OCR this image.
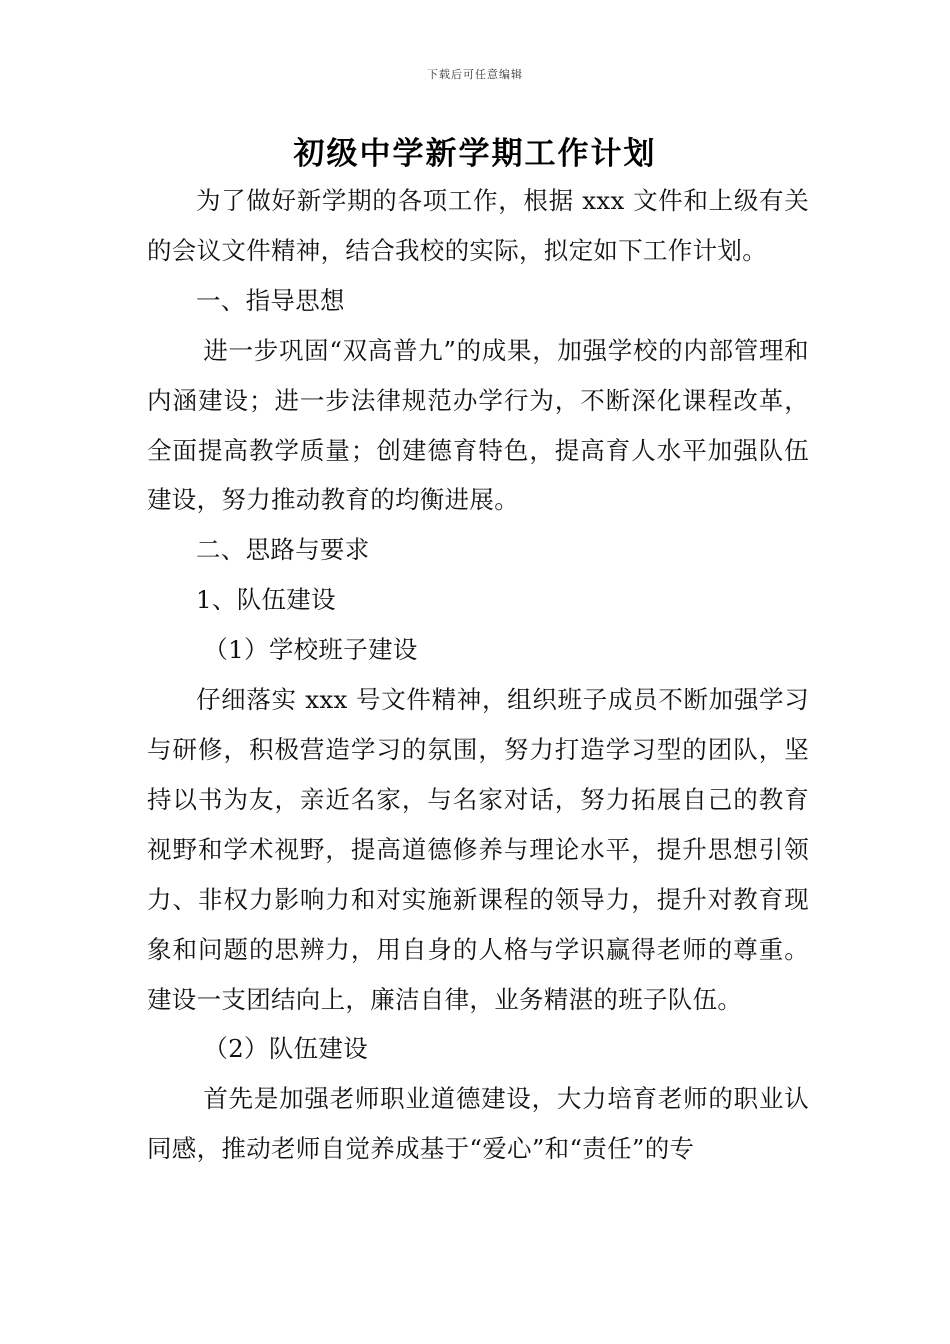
下载后可任意编辑
初级中学新学期工作计划

为了做好新学期的各项工作，根据 xxx 文件和上级有关的会议文件精神，结合我校的实际，拟定如下工作计划。

一、指导思想

进一步巩固“双高普九”的成果，加强学校的内部管理和内涵建设；进一步法律规范办学行为，不断深化课程改革，全面提高教学质量；创建德育特色，提高育人水平加强队伍建设，努力推动教育的均衡进展。

二、思路与要求

1、队伍建设

（1）学校班子建设

仔细落实 xxx 号文件精神，组织班子成员不断加强学习与研修，积极营造学习的氛围，努力打造学习型的团队，坚持以书为友，亲近名家，与名家对话，努力拓展自己的教育视野和学术视野，提高道德修养与理论水平，提升思想引领力、非权力影响力和对实施新课程的领导力，提升对教育现象和问题的思辨力，用自身的人格与学识赢得老师的尊重。建设一支团结向上，廉洁自律，业务精湛的班子队伍。

（2）队伍建设

首先是加强老师职业道德建设，大力培育老师的职业认同感，推动老师自觉养成基于“爱心”和“责任”的专
